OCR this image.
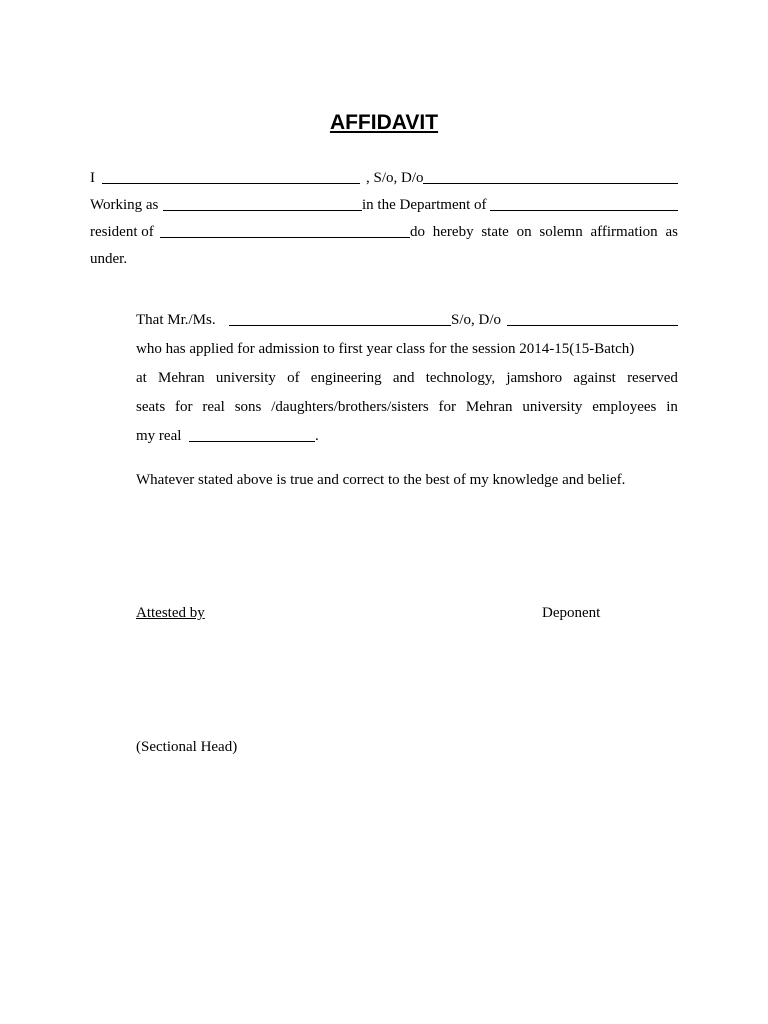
AFFIDAVIT
I	, S/o, D/o
Working as	in the Department of
resident of	do hereby state on solemn affirmation as
under.
That Mr./Ms.	S/o, D/o
who has applied for admission to first year class for the session 2014-15(15-Batch)
at Mehran university of engineering and technology, jamshoro against reserved
seats for real sons /daughters/brothers/sisters for Mehran university employees in
my real	.
Whatever stated above is true and correct to the best of my knowledge and belief.
Attested by	Deponent
(Sectional Head)
